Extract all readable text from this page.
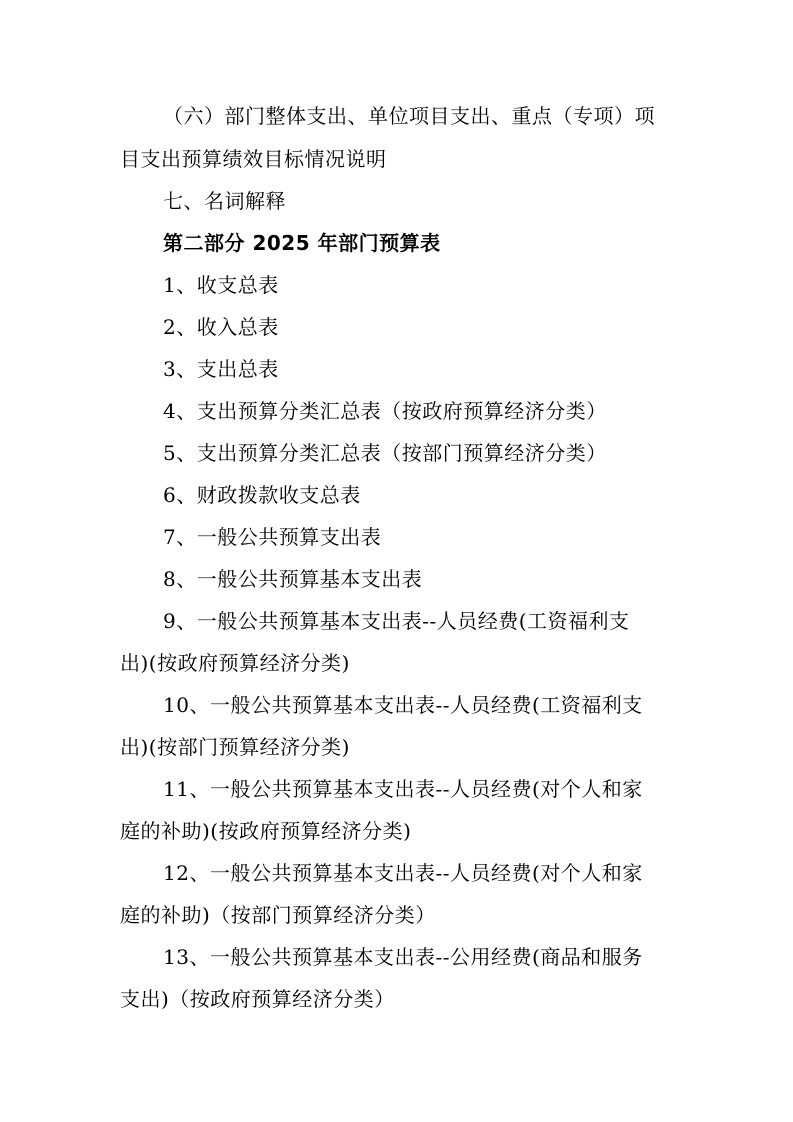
（六）部门整体支出、单位项目支出、重点（专项）项
目支出预算绩效目标情况说明
七、名词解释
第二部分 2025 年部门预算表
1、收支总表
2、收入总表
3、支出总表
4、支出预算分类汇总表（按政府预算经济分类）
5、支出预算分类汇总表（按部门预算经济分类）
6、财政拨款收支总表
7、一般公共预算支出表
8、一般公共预算基本支出表
9、一般公共预算基本支出表--人员经费(工资福利支
出)(按政府预算经济分类)
10、一般公共预算基本支出表--人员经费(工资福利支
出)(按部门预算经济分类)
11、一般公共预算基本支出表--人员经费(对个人和家
庭的补助)(按政府预算经济分类)
12、一般公共预算基本支出表--人员经费(对个人和家
庭的补助)（按部门预算经济分类）
13、一般公共预算基本支出表--公用经费(商品和服务
支出)（按政府预算经济分类）
